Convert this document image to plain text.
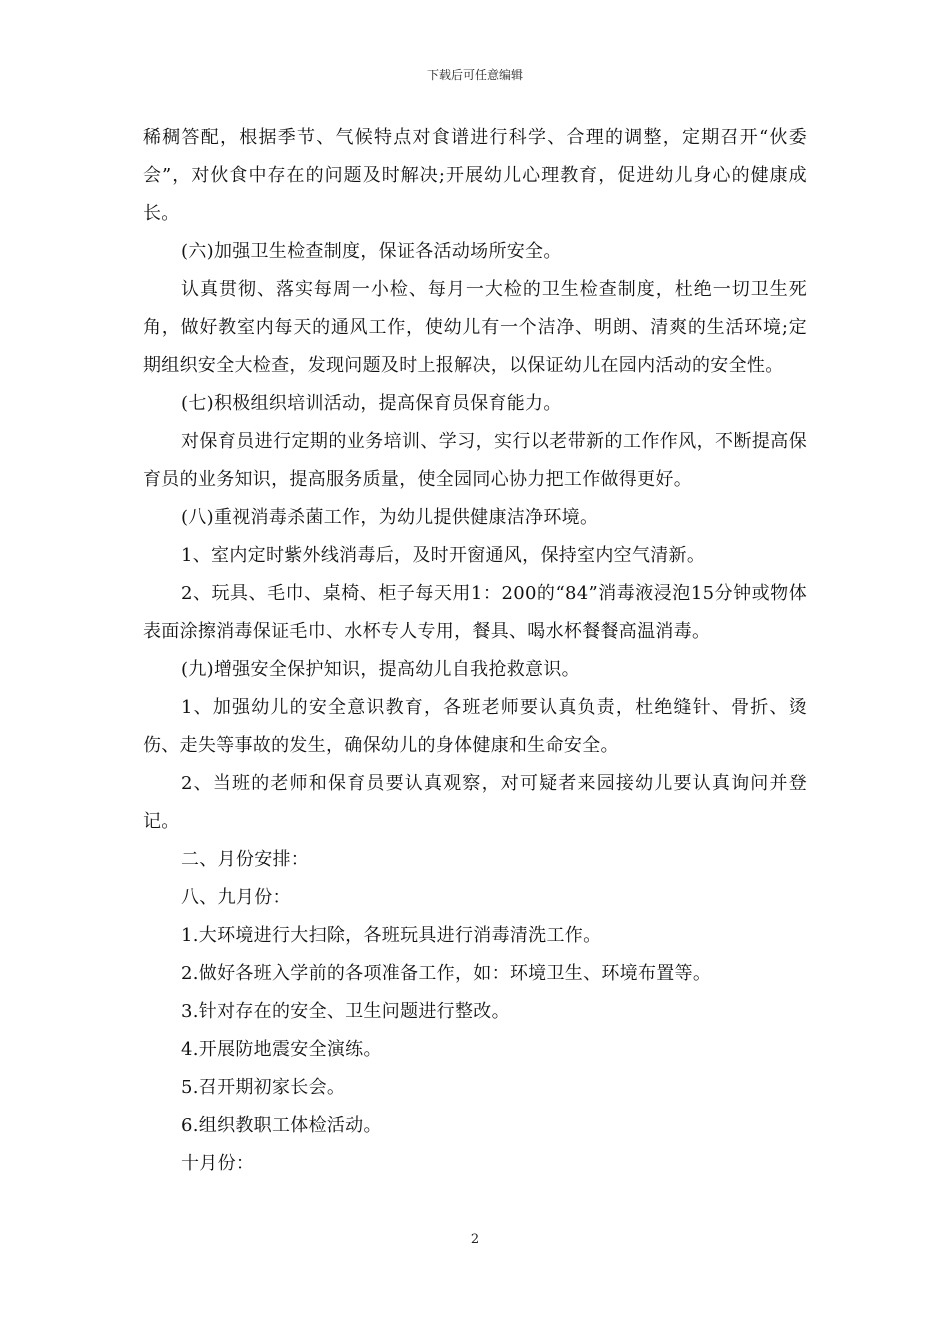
下载后可任意编辑

稀稠答配，根据季节、气候特点对食谱进行科学、合理的调整，定期召开“伙委会”，对伙食中存在的问题及时解决;开展幼儿心理教育，促进幼儿身心的健康成长。

(六)加强卫生检查制度，保证各活动场所安全。

认真贯彻、落实每周一小检、每月一大检的卫生检查制度，杜绝一切卫生死角，做好教室内每天的通风工作，使幼儿有一个洁净、明朗、清爽的生活环境;定期组织安全大检查，发现问题及时上报解决，以保证幼儿在园内活动的安全性。

(七)积极组织培训活动，提高保育员保育能力。

对保育员进行定期的业务培训、学习，实行以老带新的工作作风，不断提高保育员的业务知识，提高服务质量，使全园同心协力把工作做得更好。

(八)重视消毒杀菌工作，为幼儿提供健康洁净环境。

1、室内定时紫外线消毒后，及时开窗通风，保持室内空气清新。

2、玩具、毛巾、桌椅、柜子每天用1：200的“84”消毒液浸泡15分钟或物体表面涂擦消毒保证毛巾、水杯专人专用，餐具、喝水杯餐餐高温消毒。

(九)增强安全保护知识，提高幼儿自我抢救意识。

1、加强幼儿的安全意识教育，各班老师要认真负责，杜绝缝针、骨折、烫伤、走失等事故的发生，确保幼儿的身体健康和生命安全。

2、当班的老师和保育员要认真观察，对可疑者来园接幼儿要认真询问并登记。

二、月份安排：

八、九月份：

1.大环境进行大扫除，各班玩具进行消毒清洗工作。

2.做好各班入学前的各项准备工作，如：环境卫生、环境布置等。

3.针对存在的安全、卫生问题进行整改。

4.开展防地震安全演练。

5.召开期初家长会。

6.组织教职工体检活动。

十月份：

2
